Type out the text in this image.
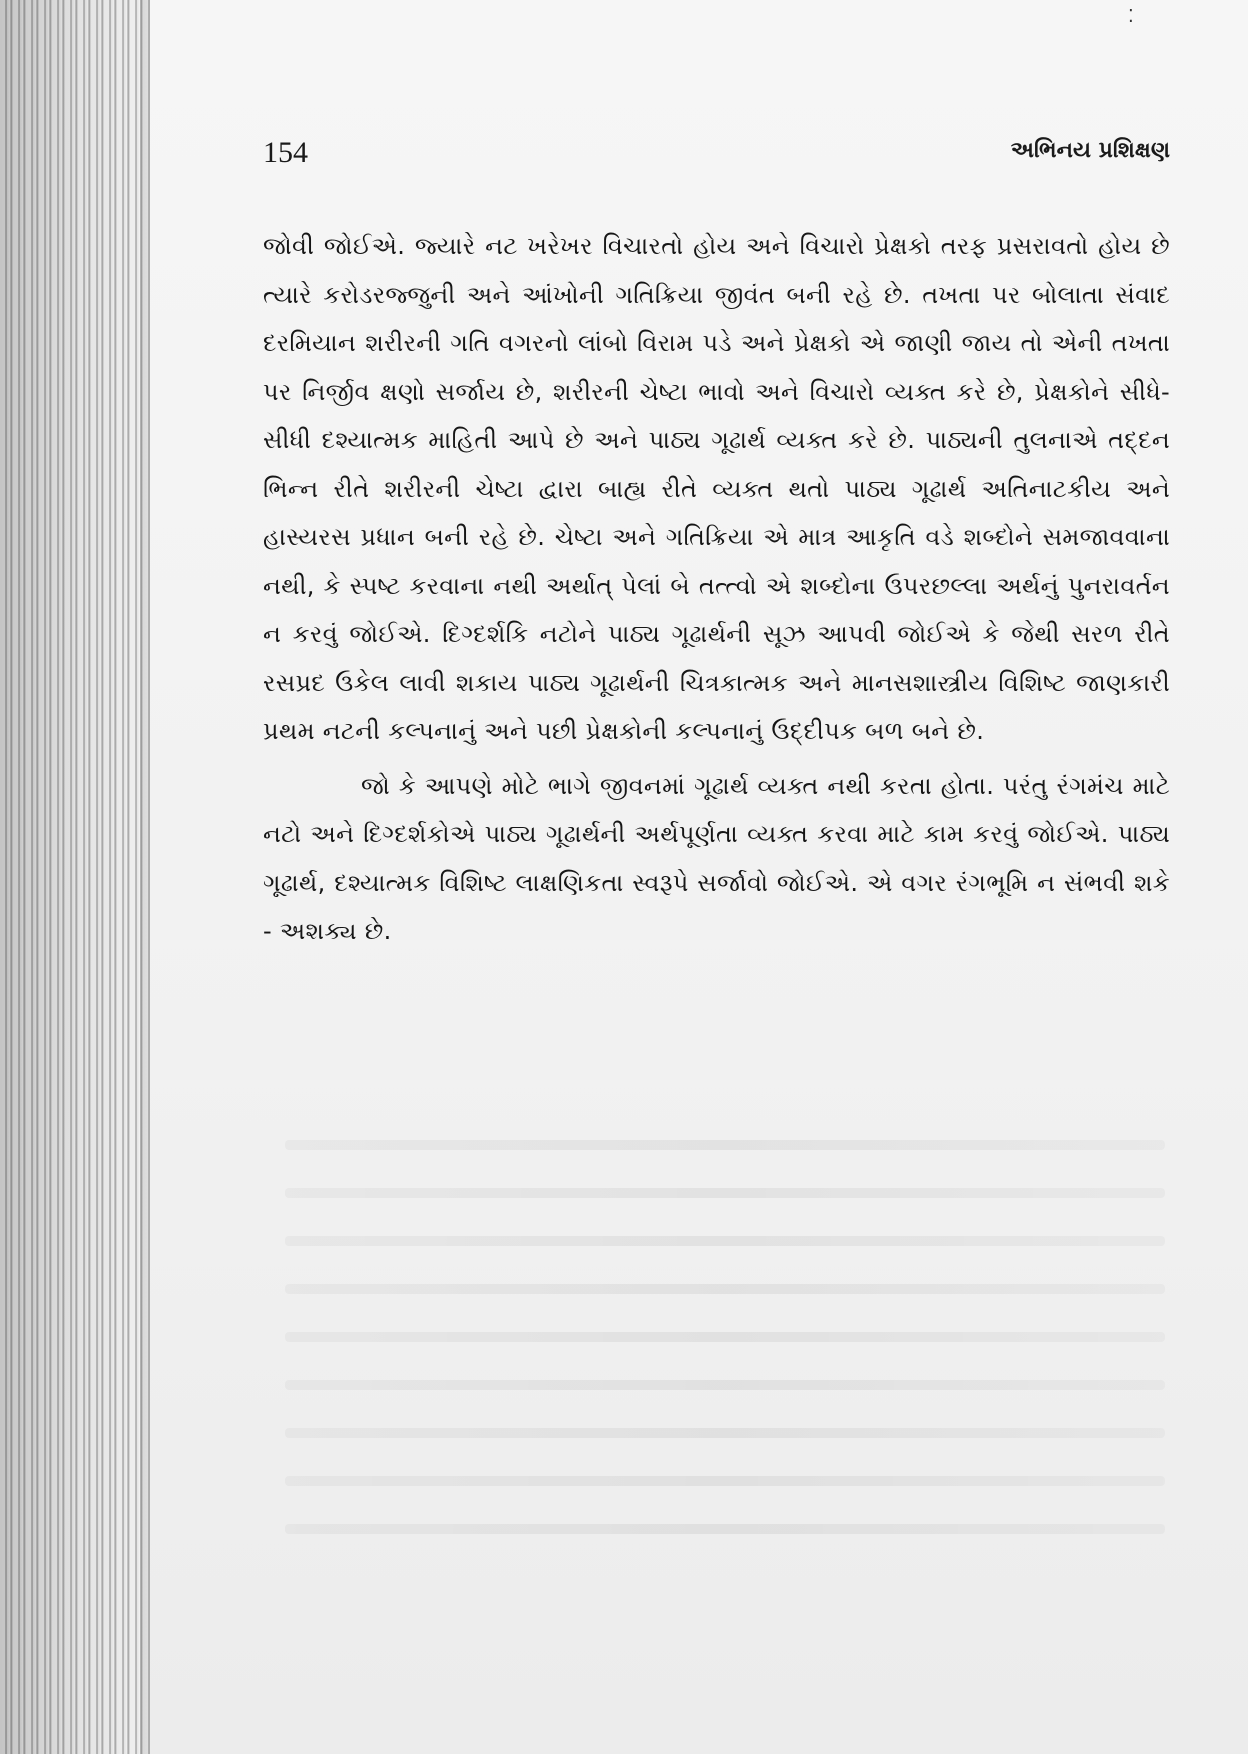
⁚
154	અભિનય પ્રશિક્ષણ

જોવી જોઈએ. જ્યારે નટ ખરેખર વિચારતો હોય અને વિચારો પ્રેક્ષકો તરફ પ્રસરાવતો હોય છે ત્યારે કરોડરજ્જુની અને આંખોની ગતિક્રિયા જીવંત બની રહે છે. તખતા પર બોલાતા સંવાદ દરમિયાન શરીરની ગતિ વગરનો લાંબો વિરામ પડે અને પ્રેક્ષકો એ જાણી જાય તો એની તખતા પર નિર્જીવ ક્ષણો સર્જાય છે, શરીરની ચેષ્ટા ભાવો અને વિચારો વ્યક્ત કરે છે, પ્રેક્ષકોને સીધે-સીધી દશ્યાત્મક માહિતી આપે છે અને પાઠ્ય ગૂઢાર્થ વ્યક્ત કરે છે. પાઠ્યની તુલનાએ તદ્દન ભિન્ન રીતે શરીરની ચેષ્ટા દ્વારા બાહ્ય રીતે વ્યક્ત થતો પાઠ્ય ગૂઢાર્થ અતિનાટકીય અને હાસ્યરસ પ્રધાન બની રહે છે. ચેષ્ટા અને ગતિક્રિયા એ માત્ર આકૃતિ વડે શબ્દોને સમજાવવાના નથી, કે સ્પષ્ટ કરવાના નથી અર્થાત્ પેલાં બે તત્ત્વો એ શબ્દોના ઉપરછલ્લા અર્થનું પુનરાવર્તન ન કરવું જોઈએ. દિગ્દર્શકિ નટોને પાઠ્ય ગૂઢાર્થની સૂઝ આપવી જોઈએ કે જેથી સરળ રીતે રસપ્રદ ઉકેલ લાવી શકાય પાઠ્ય ગૂઢાર્થની ચિત્રકાત્મક અને માનસશાસ્ત્રીય વિશિષ્ટ જાણકારી પ્રથમ નટની કલ્પનાનું અને પછી પ્રેક્ષકોની કલ્પનાનું ઉદ્દીપક બળ બને છે.

જો કે આપણે મોટે ભાગે જીવનમાં ગૂઢાર્થ વ્યક્ત નથી કરતા હોતા. પરંતુ રંગમંચ માટે નટો અને દિગ્દર્શકોએ પાઠ્ય ગૂઢાર્થની અર્થપૂર્ણતા વ્યક્ત કરવા માટે કામ કરવું જોઈએ. પાઠ્ય ગૂઢાર્થ, દશ્યાત્મક વિશિષ્ટ લાક્ષણિકતા સ્વરૂપે સર્જાવો જોઈએ. એ વગર રંગભૂમિ ન સંભવી શકે - અશક્ય છે.
